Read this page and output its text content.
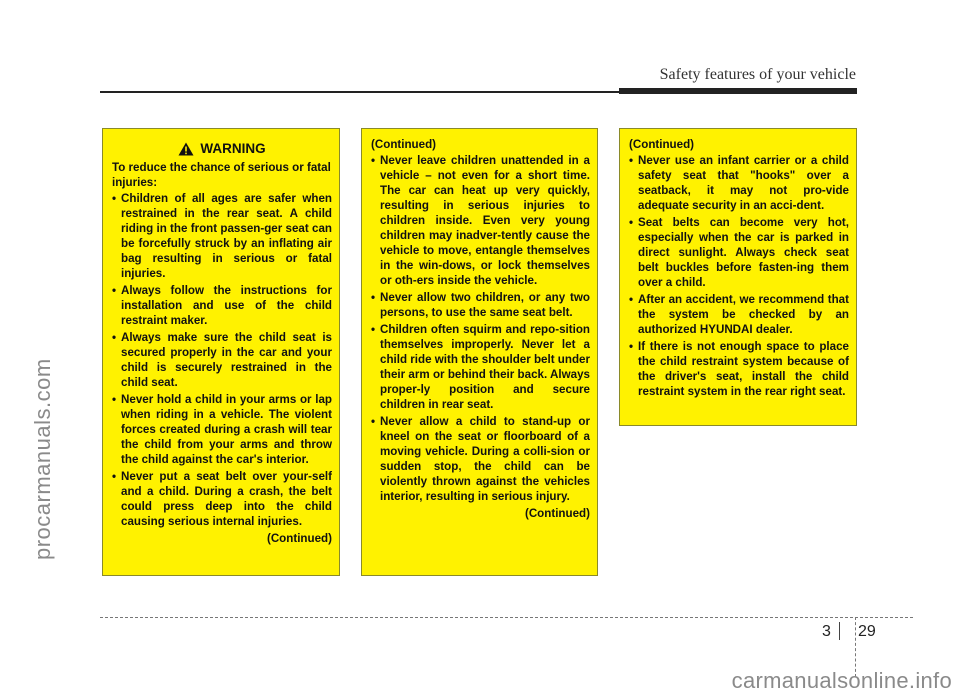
Safety features of your vehicle
procarmanuals.com
WARNING
To reduce the chance of serious or fatal injuries:
• Children of all ages are safer when restrained in the rear seat. A child riding in the front passen-ger seat can be forcefully struck by an inflating air bag resulting in serious or fatal injuries.
• Always follow the instructions for installation and use of the child restraint maker.
• Always make sure the child seat is secured properly in the car and your child is securely restrained in the child seat.
• Never hold a child in your arms or lap when riding in a vehicle. The violent forces created during a crash will tear the child from your arms and throw the child against the car's interior.
• Never put a seat belt over your-self and a child. During a crash, the belt could press deep into the child causing serious internal injuries.
(Continued)
(Continued)
• Never leave children unattended in a vehicle – not even for a short time. The car can heat up very quickly, resulting in serious injuries to children inside. Even very young children may inadver-tently cause the vehicle to move, entangle themselves in the win-dows, or lock themselves or oth-ers inside the vehicle.
• Never allow two children, or any two persons, to use the same seat belt.
• Children often squirm and repo-sition themselves improperly. Never let a child ride with the shoulder belt under their arm or behind their back. Always proper-ly position and secure children in rear seat.
• Never allow a child to stand-up or kneel on the seat or floorboard of a moving vehicle. During a colli-sion or sudden stop, the child can be violently thrown against the vehicles interior, resulting in serious injury.
(Continued)
(Continued)
• Never use an infant carrier or a child safety seat that "hooks" over a seatback, it may not pro-vide adequate security in an acci-dent.
• Seat belts can become very hot, especially when the car is parked in direct sunlight. Always check seat belt buckles before fasten-ing them over a child.
• After an accident, we recommend that the system be checked by an authorized HYUNDAI dealer.
• If there is not enough space to place the child restraint system because of the driver's seat, install the child restraint system in the rear right seat.
3 29
carmanualsonline.info
